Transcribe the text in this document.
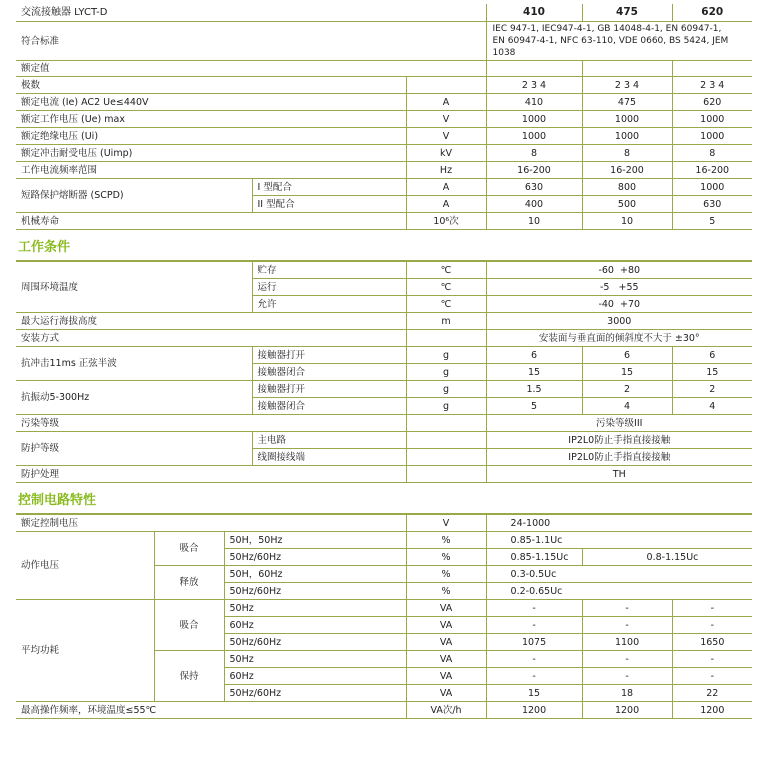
交流接触器 LYCT-D			410	475	620
符合标准			IEC 947-1, IEC947-4-1, GB 14048-4-1, EN 60947-1,
EN 60947-4-1, NFC 63-110, VDE 0660, BS 5424, JEM 1038		
额定值					
极数			2 3 4	2 3 4	2 3 4
额定电流 (Ie) AC2 Ue≤440V		A	410	475	620
额定工作电压 (Ue) max		V	1000	1000	1000
额定绝缘电压 (Ui)		V	1000	1000	1000
额定冲击耐受电压 (Uimp)		kV	8	8	8
工作电流频率范围		Hz	16-200	16-200	16-200
短路保护熔断器 (SCPD)	I 型配合	A	630	800	1000
	II 型配合	A	400	500	630
机械寿命		10⁶次	10	10	5
工作条件
周围环境温度	贮存	℃	-60  +80		
	运行	℃	-5   +55		
	允许	℃	-40  +70		
最大运行海拔高度		m	3000		
安装方式			安装面与垂直面的倾斜度不大于 ±30°		
抗冲击11ms 正弦半波	接触器打开	g	6	6	6
	接触器闭合	g	15	15	15
抗振动5-300Hz	接触器打开	g	1.5	2	2
	接触器闭合	g	5	4	4
污染等级			污染等级III		
防护等级	主电路		IP2L0防止手指直接接触		
	线圈接线端		IP2L0防止手指直接接触		
防护处理			TH		
控制电路特性
额定控制电压			V	24-1000		
动作电压	吸合	50H，50Hz	%	0.85-1.1Uc		
		50Hz/60Hz	%	0.85-1.15Uc	0.8-1.15Uc	
	释放	50H，60Hz	%	0.3-0.5Uc		
		50Hz/60Hz	%	0.2-0.65Uc		
平均功耗	吸合	50Hz	VA	-	-	-
		60Hz	VA	-	-	-
		50Hz/60Hz	VA	1075	1100	1650
	保持	50Hz	VA	-	-	-
		60Hz	VA	-	-	-
		50Hz/60Hz	VA	15	18	22
最高操作频率，环境温度≤55℃			VA次/h	1200	1200	1200
